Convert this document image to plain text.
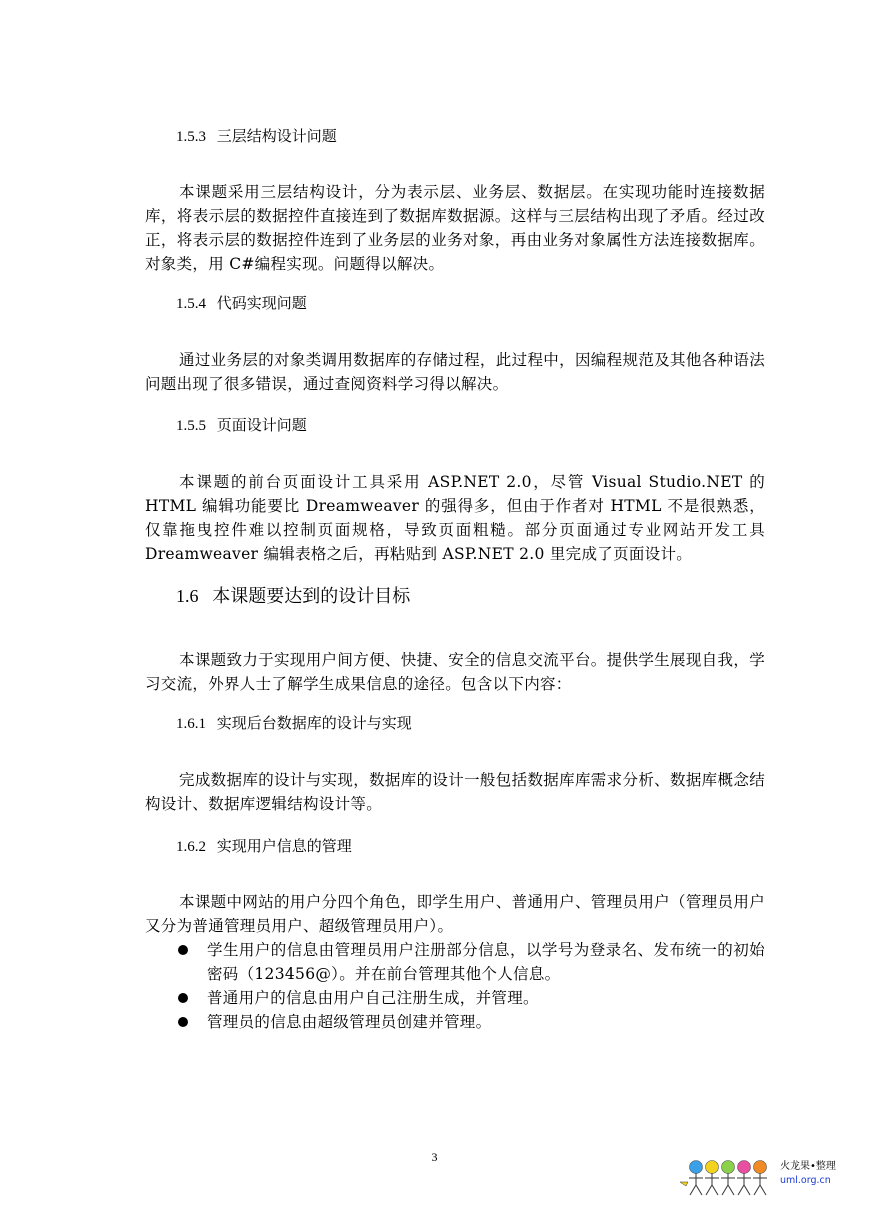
1.5.3 三层结构设计问题
本课题采用三层结构设计，分为表示层、业务层、数据层。在实现功能时连接数据库，将表示层的数据控件直接连到了数据库数据源。这样与三层结构出现了矛盾。经过改正，将表示层的数据控件连到了业务层的业务对象，再由业务对象属性方法连接数据库。对象类，用 C#编程实现。问题得以解决。
1.5.4 代码实现问题
通过业务层的对象类调用数据库的存储过程，此过程中，因编程规范及其他各种语法问题出现了很多错误，通过查阅资料学习得以解决。
1.5.5 页面设计问题
本课题的前台页面设计工具采用 ASP.NET 2.0，尽管 Visual Studio.NET 的 HTML 编辑功能要比 Dreamweaver 的强得多，但由于作者对 HTML 不是很熟悉，仅靠拖曳控件难以控制页面规格，导致页面粗糙。部分页面通过专业网站开发工具 Dreamweaver 编辑表格之后，再粘贴到 ASP.NET 2.0 里完成了页面设计。
1.6 本课题要达到的设计目标
本课题致力于实现用户间方便、快捷、安全的信息交流平台。提供学生展现自我，学习交流，外界人士了解学生成果信息的途径。包含以下内容：
1.6.1 实现后台数据库的设计与实现
完成数据库的设计与实现，数据库的设计一般包括数据库库需求分析、数据库概念结构设计、数据库逻辑结构设计等。
1.6.2 实现用户信息的管理
本课题中网站的用户分四个角色，即学生用户、普通用户、管理员用户（管理员用户又分为普通管理员用户、超级管理员用户）。
学生用户的信息由管理员用户注册部分信息，以学号为登录名、发布统一的初始密码（123456@）。并在前台管理其他个人信息。
普通用户的信息由用户自己注册生成，并管理。
管理员的信息由超级管理员创建并管理。
3
火龙果•整理
uml.org.cn
